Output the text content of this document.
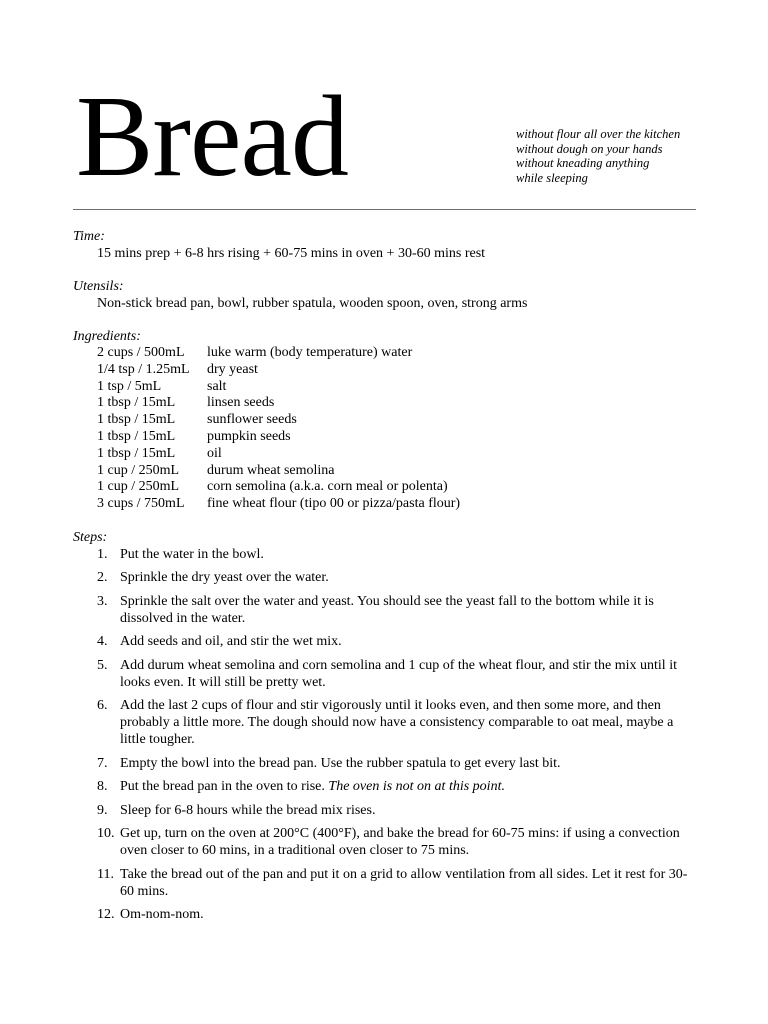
Bread	without flour all over the kitchen
without dough on your hands
without kneading anything
while sleeping
Time:
15 mins prep + 6-8 hrs rising + 60-75 mins in oven + 30-60 mins rest
Utensils:
Non-stick bread pan, bowl, rubber spatula, wooden spoon, oven, strong arms
Ingredients:
2 cups / 500mL	luke warm (body temperature) water
1/4 tsp / 1.25mL	dry yeast
1 tsp / 5mL	salt
1 tbsp / 15mL	linsen seeds
1 tbsp / 15mL	sunflower seeds
1 tbsp / 15mL	pumpkin seeds
1 tbsp / 15mL	oil
1 cup / 250mL	durum wheat semolina
1 cup / 250mL	corn semolina (a.k.a. corn meal or polenta)
3 cups / 750mL	fine wheat flour (tipo 00 or pizza/pasta flour)
Steps:
1. Put the water in the bowl.
2. Sprinkle the dry yeast over the water.
3. Sprinkle the salt over the water and yeast. You should see the yeast fall to the bottom while it is dissolved in the water.
4. Add seeds and oil, and stir the wet mix.
5. Add durum wheat semolina and corn semolina and 1 cup of the wheat flour, and stir the mix until it looks even. It will still be pretty wet.
6. Add the last 2 cups of flour and stir vigorously until it looks even, and then some more, and then probably a little more. The dough should now have a consistency comparable to oat meal, maybe a little tougher.
7. Empty the bowl into the bread pan. Use the rubber spatula to get every last bit.
8. Put the bread pan in the oven to rise. The oven is not on at this point.
9. Sleep for 6-8 hours while the bread mix rises.
10. Get up, turn on the oven at 200°C (400°F), and bake the bread for 60-75 mins: if using a convection oven closer to 60 mins, in a traditional oven closer to 75 mins.
11. Take the bread out of the pan and put it on a grid to allow ventilation from all sides. Let it rest for 30-60 mins.
12. Om-nom-nom.
